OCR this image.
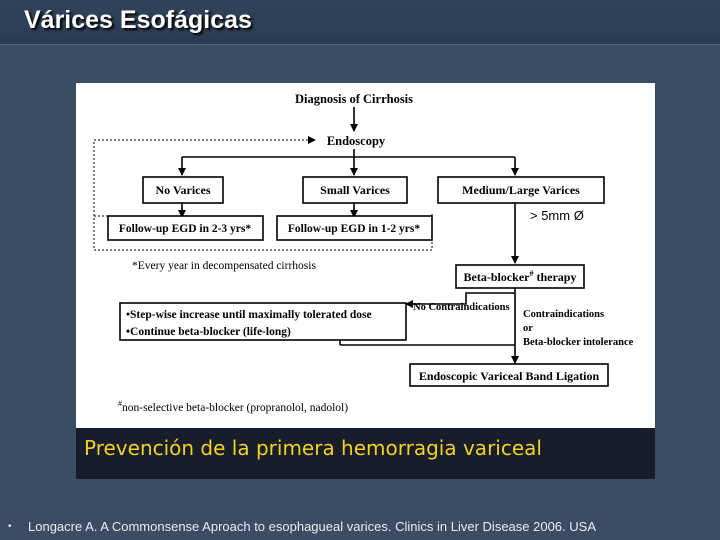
Várices Esofágicas
Diagnosis of Cirrhosis
Endoscopy
No Varices	Small Varices	Medium/Large Varices
Follow-up EGD in 2-3 yrs*	Follow-up EGD in 1-2 yrs*
*Every year in decompensated cirrhosis
Beta-blocker# therapy
No Contraindications
•Step-wise increase until maximally tolerated dose
•Continue beta-blocker (life-long)
Contraindications
or
Beta-blocker intolerance
Endoscopic Variceal Band Ligation
#non-selective beta-blocker (propranolol, nadolol)
> 5mm Ø
Prevención de la primera hemorragia variceal
• Longacre A. A Commonsense Aproach to esophagueal varices. Clinics in Liver Disease 2006. USA
